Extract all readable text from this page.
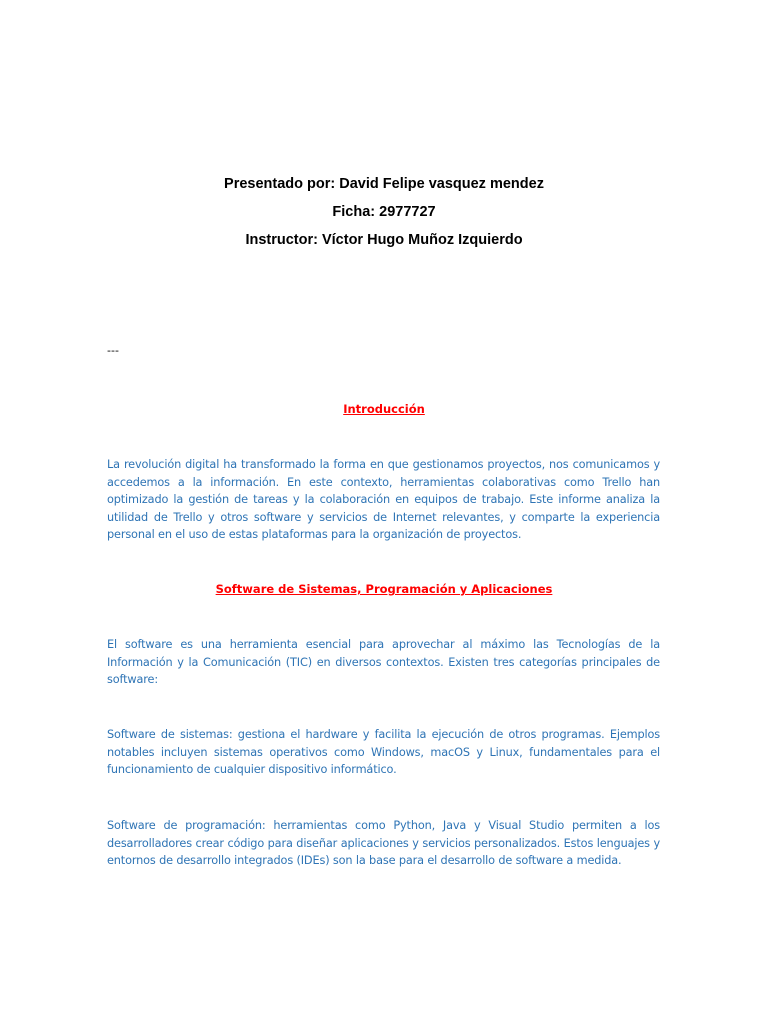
Presentado por: David Felipe vasquez mendez

Ficha: 2977727

Instructor: Víctor Hugo Muñoz Izquierdo

---

Introducción

La revolución digital ha transformado la forma en que gestionamos proyectos, nos comunicamos y accedemos a la información. En este contexto, herramientas colaborativas como Trello han optimizado la gestión de tareas y la colaboración en equipos de trabajo. Este informe analiza la utilidad de Trello y otros software y servicios de Internet relevantes, y comparte la experiencia personal en el uso de estas plataformas para la organización de proyectos.

Software de Sistemas, Programación y Aplicaciones

El software es una herramienta esencial para aprovechar al máximo las Tecnologías de la Información y la Comunicación (TIC) en diversos contextos. Existen tres categorías principales de software:

Software de sistemas: gestiona el hardware y facilita la ejecución de otros programas. Ejemplos notables incluyen sistemas operativos como Windows, macOS y Linux, fundamentales para el funcionamiento de cualquier dispositivo informático.

Software de programación: herramientas como Python, Java y Visual Studio permiten a los desarrolladores crear código para diseñar aplicaciones y servicios personalizados. Estos lenguajes y entornos de desarrollo integrados (IDEs) son la base para el desarrollo de software a medida.
